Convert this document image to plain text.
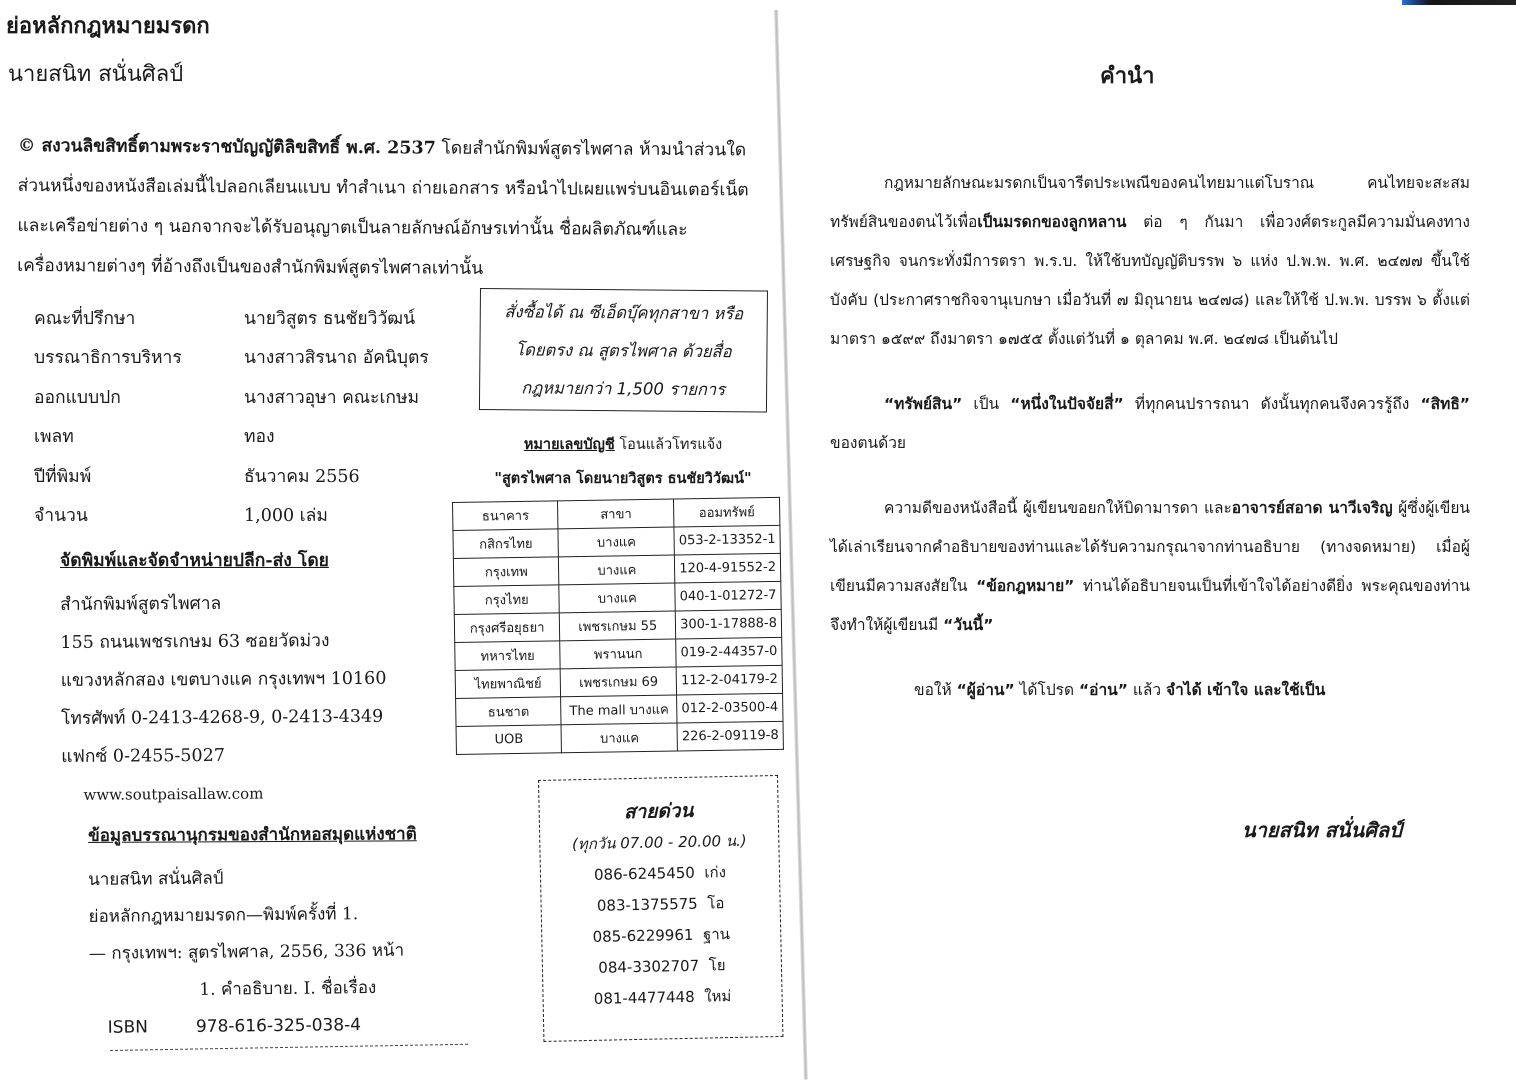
ย่อหลักกฎหมายมรดก
นายสนิท สนั่นศิลป์
© สงวนลิขสิทธิ์ตามพระราชบัญญัติลิขสิทธิ์ พ.ศ. 2537 โดยสำนักพิมพ์สูตรไพศาล ห้ามนำส่วนใดส่วนหนึ่งของหนังสือเล่มนี้ไปลอกเลียนแบบ ทำสำเนา ถ่ายเอกสาร หรือนำไปเผยแพร่บนอินเตอร์เน็ต และเครือข่ายต่าง ๆ นอกจากจะได้รับอนุญาตเป็นลายลักษณ์อักษรเท่านั้น ชื่อผลิตภัณฑ์และเครื่องหมายต่างๆ ที่อ้างถึงเป็นของสำนักพิมพ์สูตรไพศาลเท่านั้น
คณะที่ปรึกษา	นายวิสูตร ธนชัยวิวัฒน์
บรรณาธิการบริหาร	นางสาวสิรนาถ อัคนิบุตร
ออกแบบปก	นางสาวอุษา คณะเกษม
เพลท	ทอง
ปีที่พิมพ์	ธันวาคม 2556
จำนวน	1,000 เล่ม
สั่งซื้อได้ ณ ซีเอ็ดบุ๊คทุกสาขา หรือ
โดยตรง ณ สูตรไพศาล ด้วยสื่อ
กฎหมายกว่า 1,500 รายการ
หมายเลขบัญชี โอนแล้วโทรแจ้ง
"สูตรไพศาล โดยนายวิสูตร ธนชัยวิวัฒน์"
ธนาคาร	สาขา	ออมทรัพย์
กสิกรไทย	บางแค	053-2-13352-1
กรุงเทพ	บางแค	120-4-91552-2
กรุงไทย	บางแค	040-1-01272-7
กรุงศรีอยุธยา	เพชรเกษม 55	300-1-17888-8
ทหารไทย	พรานนก	019-2-44357-0
ไทยพาณิชย์	เพชรเกษม 69	112-2-04179-2
ธนชาต	The mall บางแค	012-2-03500-4
UOB	บางแค	226-2-09119-8
จัดพิมพ์และจัดจำหน่ายปลีก-ส่ง โดย
สำนักพิมพ์สูตรไพศาล
155 ถนนเพชรเกษม 63 ซอยวัดม่วง
แขวงหลักสอง เขตบางแค กรุงเทพฯ 10160
โทรศัพท์ 0-2413-4268-9, 0-2413-4349
แฟกซ์ 0-2455-5027
www.soutpaisallaw.com
ข้อมูลบรรณานุกรมของสำนักหอสมุดแห่งชาติ
นายสนิท สนั่นศิลป์
ย่อหลักกฎหมายมรดก—พิมพ์ครั้งที่ 1.
— กรุงเทพฯ: สูตรไพศาล, 2556, 336 หน้า
1. คำอธิบาย. I. ชื่อเรื่อง
ISBN	978-616-325-038-4
สายด่วน
(ทุกวัน 07.00 - 20.00 น.)
086-6245450 เก่ง
083-1375575 โอ
085-6229961 ฐาน
084-3302707 โย
081-4477448 ใหม่
คำนำ

กฎหมายลักษณะมรดกเป็นจารีตประเพณีของคนไทยมาแต่โบราณ คนไทยจะสะสมทรัพย์สินของตนไว้เพื่อเป็นมรดกของลูกหลาน ต่อ ๆ กันมา เพื่อวงศ์ตระกูลมีความมั่นคงทางเศรษฐกิจ จนกระทั่งมีการตรา พ.ร.บ. ให้ใช้บทบัญญัติบรรพ ๖ แห่ง ป.พ.พ. พ.ศ. ๒๔๗๗ ขึ้นใช้บังคับ (ประกาศราชกิจจานุเบกษา เมื่อวันที่ ๗ มิถุนายน ๒๔๗๘) และให้ใช้ ป.พ.พ. บรรพ ๖ ตั้งแต่มาตรา ๑๕๙๙ ถึงมาตรา ๑๗๕๕ ตั้งแต่วันที่ ๑ ตุลาคม พ.ศ. ๒๔๗๘ เป็นต้นไป

“ทรัพย์สิน” เป็น “หนึ่งในปัจจัยสี่” ที่ทุกคนปรารถนา ดังนั้นทุกคนจึงควรรู้ถึง “สิทธิ” ของตนด้วย

ความดีของหนังสือนี้ ผู้เขียนขอยกให้บิดามารดา และอาจารย์สอาด นาวีเจริญ ผู้ซึ่งผู้เขียนได้เล่าเรียนจากคำอธิบายของท่านและได้รับความกรุณาจากท่านอธิบาย (ทางจดหมาย) เมื่อผู้เขียนมีความสงสัยใน “ข้อกฎหมาย” ท่านได้อธิบายจนเป็นที่เข้าใจได้อย่างดียิ่ง พระคุณของท่านจึงทำให้ผู้เขียนมี “วันนี้”

ขอให้ “ผู้อ่าน” ได้โปรด “อ่าน” แล้ว จำได้ เข้าใจ และใช้เป็น

นายสนิท สนั่นศิลป์
